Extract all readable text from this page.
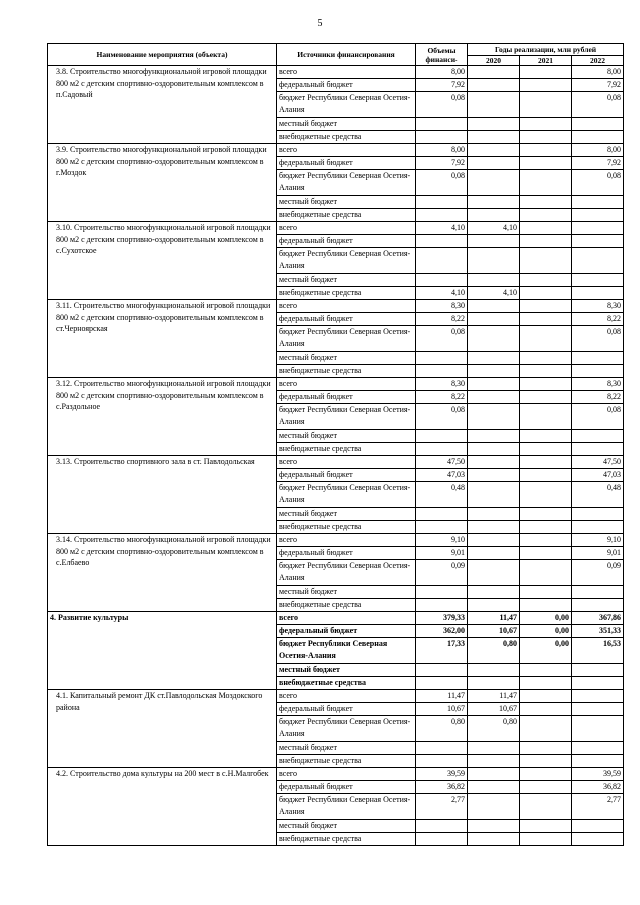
5
Наименование мероприятия (объекта)	Источники финансирования	Объемы финанси-	Годы реализации, млн рублей		
			2020	2021	2022
3.8. Строительство многофункциональной игровой площадки 800 м2 с детским спортивно-оздоровительным комплексом в п.Садовый	всего	8,00			8,00
	федеральный бюджет	7,92			7,92
	бюджет Республики Северная Осетия-Алания	0,08			0,08
	местный бюджет				
	внебюджетные средства				
3.9. Строительство многофункциональной игровой площадки 800 м2 с детским спортивно-оздоровительным комплексом в г.Моздок	всего	8,00			8,00
	федеральный бюджет	7,92			7,92
	бюджет Республики Северная Осетия-Алания	0,08			0,08
	местный бюджет				
	внебюджетные средства				
3.10. Строительство многофункциональной игровой площадки 800 м2 с детским спортивно-оздоровительным комплексом в с.Сухотское	всего	4,10	4,10		
	федеральный бюджет				
	бюджет Республики Северная Осетия-Алания				
	местный бюджет				
	внебюджетные средства	4,10	4,10		
3.11. Строительство многофункциональной игровой площадки 800 м2 с детским спортивно-оздоровительным комплексом в ст.Черноярская	всего	8,30			8,30
	федеральный бюджет	8,22			8,22
	бюджет Республики Северная Осетия-Алания	0,08			0,08
	местный бюджет				
	внебюджетные средства				
3.12. Строительство многофункциональной игровой площадки 800 м2 с детским спортивно-оздоровительным комплексом в с.Раздольное	всего	8,30			8,30
	федеральный бюджет	8,22			8,22
	бюджет Республики Северная Осетия-Алания	0,08			0,08
	местный бюджет				
	внебюджетные средства				
3.13. Строительство спортивного зала в ст. Павлодольская	всего	47,50			47,50
	федеральный бюджет	47,03			47,03
	бюджет Республики Северная Осетия-Алания	0,48			0,48
	местный бюджет				
	внебюджетные средства				
3.14. Строительство многофункциональной игровой площадки 800 м2 с детским спортивно-оздоровительным комплексом в с.Елбаево	всего	9,10			9,10
	федеральный бюджет	9,01			9,01
	бюджет Республики Северная Осетия-Алания	0,09			0,09
	местный бюджет				
	внебюджетные средства				
4. Развитие культуры	всего	379,33	11,47	0,00	367,86
	федеральный бюджет	362,00	10,67	0,00	351,33
	бюджет Республики Северная Осетия-Алания	17,33	0,80	0,00	16,53
	местный бюджет				
	внебюджетные средства				
4.1. Капитальный ремонт ДК ст.Павлодольская Моздокского района	всего	11,47	11,47		
	федеральный бюджет	10,67	10,67		
	бюджет Республики Северная Осетия-Алания	0,80	0,80		
	местный бюджет				
	внебюджетные средства				
4.2. Строительство дома культуры на 200 мест в с.Н.Малгобек	всего	39,59			39,59
	федеральный бюджет	36,82			36,82
	бюджет Республики Северная Осетия-Алания	2,77			2,77
	местный бюджет				
	внебюджетные средства				
